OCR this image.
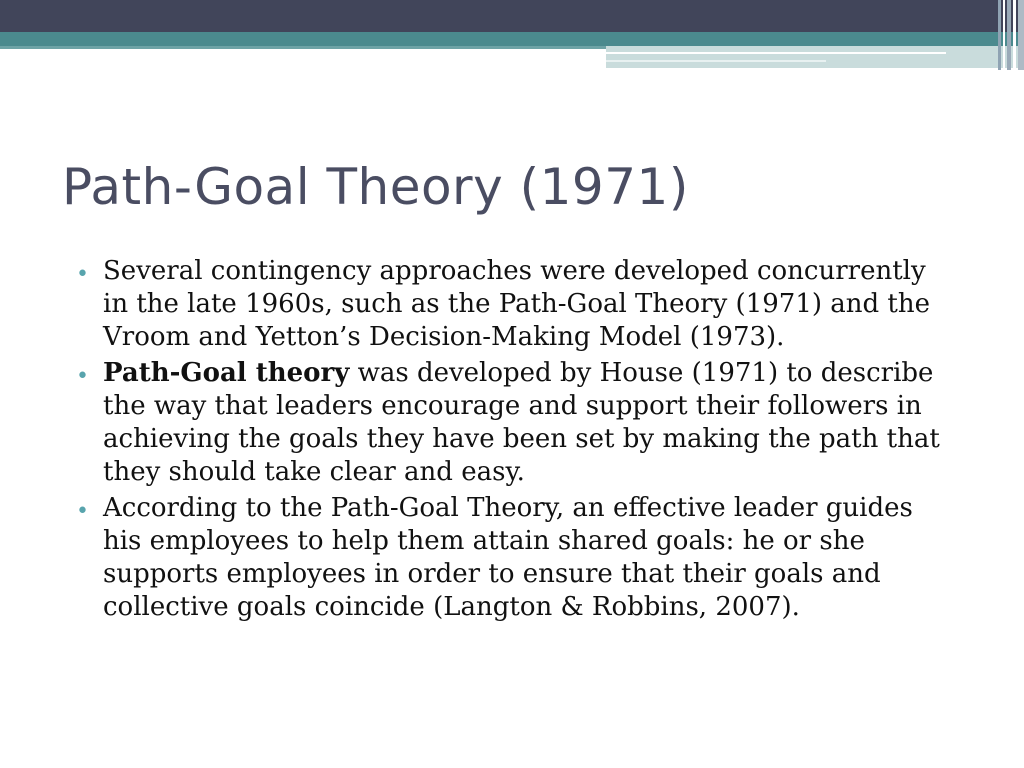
Path-Goal Theory (1971)
• Several contingency approaches were developed concurrently in the late 1960s, such as the Path-Goal Theory (1971) and the Vroom and Yetton’s Decision-Making Model (1973).
• Path-Goal theory was developed by House (1971) to describe the way that leaders encourage and support their followers in achieving the goals they have been set by making the path that they should take clear and easy.
• According to the Path-Goal Theory, an effective leader guides his employees to help them attain shared goals: he or she supports employees in order to ensure that their goals and collective goals coincide (Langton & Robbins, 2007).
